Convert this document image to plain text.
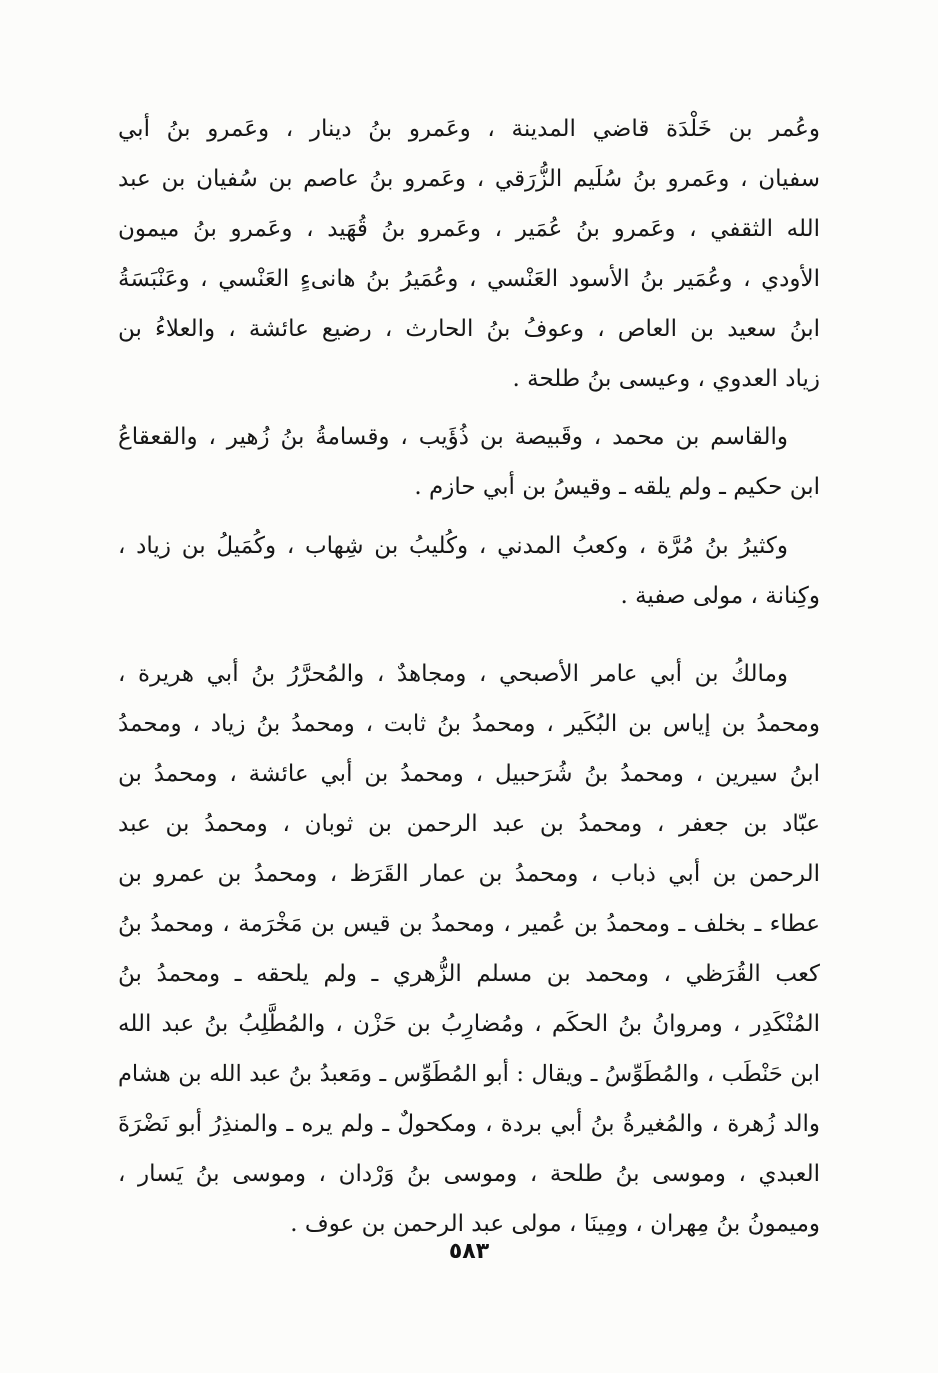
وعُمر بن خَلْدَة قاضي المدينة ، وعَمرو بنُ دينار ، وعَمرو بنُ أبي
سفيان ، وعَمرو بنُ سُلَيم الزُّرَقي ، وعَمرو بنُ عاصم بن سُفيان بن عبد
الله الثقفي ، وعَمرو بنُ عُمَير ، وعَمرو بنُ قُهَيد ، وعَمرو بنُ ميمون
الأودي ، وعُمَير بنُ الأسود العَنْسي ، وعُمَيرُ بنُ هانىءٍ العَنْسي ، وعَنْبَسَةُ
ابنُ سعيد بن العاص ، وعوفُ بنُ الحارث ، رضيع عائشة ، والعلاءُ بن
زياد العدوي ، وعيسى بنُ طلحة .
والقاسم بن محمد ، وقَبيصة بن ذُؤَيب ، وقسامةُ بنُ زُهير ، والقعقاعُ
ابن حكيم ـ ولم يلقه ـ وقيسُ بن أبي حازم .
وكثيرُ بنُ مُرَّة ، وكعبُ المدني ، وكُليبُ بن شِهاب ، وكُمَيلُ بن زياد ،
وكِنانة ، مولى صفية .
ومالكُ بن أبي عامر الأصبحي ، ومجاهدٌ ، والمُحرَّرُ بنُ أبي هريرة ،
ومحمدُ بن إياس بن البُكَير ، ومحمدُ بنُ ثابت ، ومحمدُ بنُ زياد ، ومحمدُ
ابنُ سيرين ، ومحمدُ بنُ شُرَحبيل ، ومحمدُ بن أبي عائشة ، ومحمدُ بن
عبّاد بن جعفر ، ومحمدُ بن عبد الرحمن بن ثوبان ، ومحمدُ بن عبد
الرحمن بن أبي ذباب ، ومحمدُ بن عمار القَرَظ ، ومحمدُ بن عمرو بن
عطاء ـ بخلف ـ ومحمدُ بن عُمير ، ومحمدُ بن قيس بن مَخْرَمة ، ومحمدُ بنُ
كعب القُرَظي ، ومحمد بن مسلم الزُّهري ـ ولم يلحقه ـ ومحمدُ بنُ
المُنْكَدِر ، ومروانُ بنُ الحكَم ، ومُضارِبُ بن حَزْن ، والمُطَّلِبُ بنُ عبد الله
ابن حَنْطَب ، والمُطَوِّسُ ـ ويقال : أبو المُطَوِّس ـ ومَعبدُ بنُ عبد الله بن هشام
والد زُهرة ، والمُغيرةُ بنُ أبي بردة ، ومكحولٌ ـ ولم يره ـ والمنذِرُ أبو نَضْرَةَ
العبدي ، وموسى بنُ طلحة ، وموسى بنُ وَرْدان ، وموسى بنُ يَسار ،
وميمونُ بنُ مِهران ، ومِينَا ، مولى عبد الرحمن بن عوف .
٥٨٣
